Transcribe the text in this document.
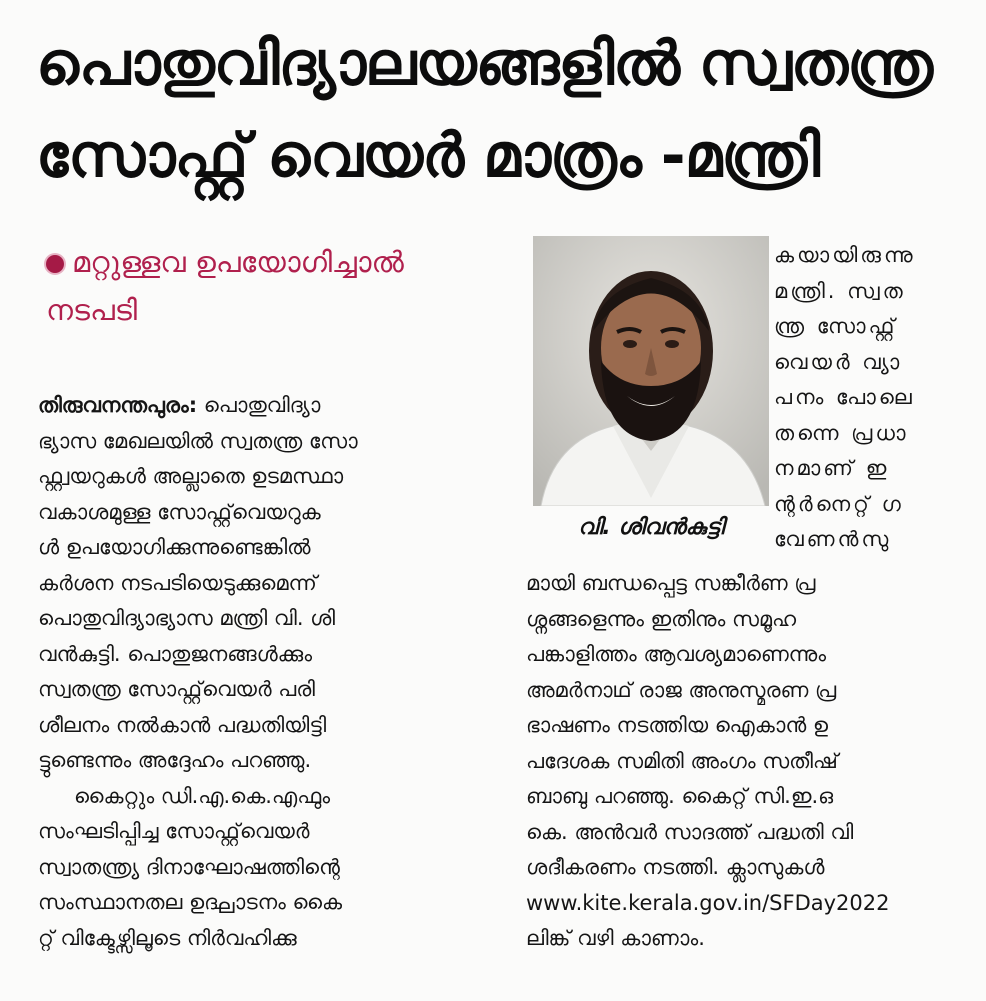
പൊതുവിദ്യാലയങ്ങളിൽ സ്വതന്ത്ര
സോഫ്റ്റ് വെയർ മാത്രം -മന്ത്രി
മറ്റുള്ളവ ഉപയോഗിച്ചാൽ
നടപടി
തിരുവനന്തപുരം: പൊതുവിദ്യാ
ഭ്യാസ മേഖലയിൽ സ്വതന്ത്ര സോ
ഫ്റ്റ്വയറുകൾ അല്ലാതെ ഉടമസ്ഥാ
വകാശമുള്ള സോഫ്റ്റ്‌വെയറുക
ൾ ഉപയോഗിക്കുന്നുണ്ടെങ്കിൽ
കർശന നടപടിയെടുക്കുമെന്ന്
പൊതുവിദ്യാഭ്യാസ മന്ത്രി വി. ശി
വൻകുട്ടി. പൊതുജനങ്ങൾക്കും
സ്വതന്ത്ര സോഫ്റ്റ്‌വെയർ പരി
ശീലനം നൽകാൻ പദ്ധതിയിട്ടി
ട്ടുണ്ടെന്നും അദ്ദേഹം പറഞ്ഞു.
കൈറ്റും ഡി.എ.കെ.എഫും
സംഘടിപ്പിച്ച സോഫ്റ്റ്‌വെയർ
സ്വാതന്ത്ര്യ ദിനാഘോഷത്തിന്റെ
സംസ്ഥാനതല ഉദ്ഘാടനം കൈ
റ്റ് വിക്ടേഴ്സിലൂടെ നിർവഹിക്കു
വി. ശിവൻകുട്ടി
കയായിരുന്നു
മന്ത്രി. സ്വത
ന്ത്ര സോഫ്റ്റ്
വെയർ വ്യാ
പനം പോലെ
തന്നെ പ്രധാ
നമാണ് ഇ
ന്റർനെറ്റ് ഗ
വേണൻസു
മായി ബന്ധപ്പെട്ട സങ്കീർണ പ്ര
ശ്നങ്ങളെന്നും ഇതിനും സമൂഹ
പങ്കാളിത്തം ആവശ്യമാണെന്നും
അമർനാഥ് രാജ അനുസ്മരണ പ്ര
ഭാഷണം നടത്തിയ ഐകാൻ ഉ
പദേശക സമിതി അംഗം സതീഷ്
ബാബു പറഞ്ഞു. കൈറ്റ് സി.ഇ.ഒ
കെ. അൻവർ സാദത്ത് പദ്ധതി വി
ശദീകരണം നടത്തി. ക്ലാസുകൾ
www.kite.kerala.gov.in/SFDay2022
ലിങ്ക് വഴി കാണാം.
